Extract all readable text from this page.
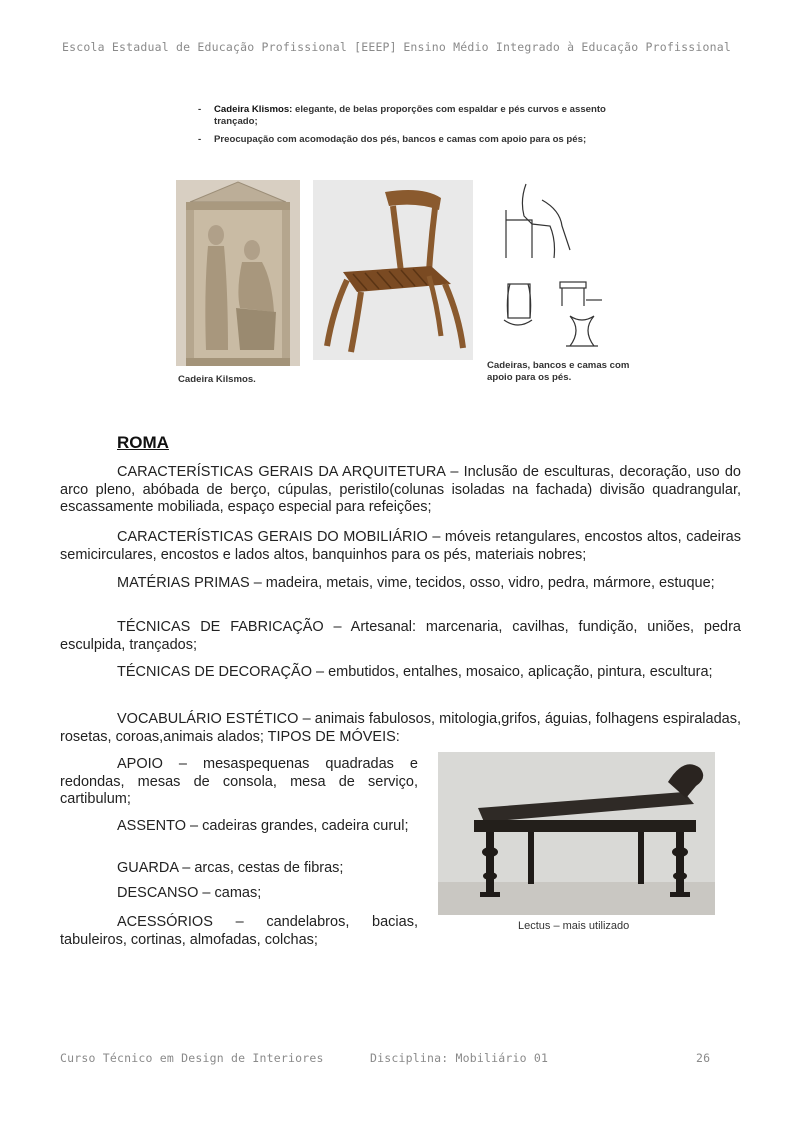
Escola Estadual de Educação Profissional [EEEP] Ensino Médio Integrado à Educação Profissional
- Cadeira Klismos: elegante, de belas proporções com espaldar e pés curvos e assento trançado;
- Preocupação com acomodação dos pés, bancos e camas com apoio para os pés;
Cadeira Kilsmos.
Cadeiras, bancos e camas com apoio para os pés.
ROMA
CARACTERÍSTICAS GERAIS DA ARQUITETURA – Inclusão de esculturas, decoração, uso do arco pleno, abóbada de berço, cúpulas, peristilo(colunas isoladas na fachada) divisão quadrangular, escassamente mobiliada, espaço especial para refeições;
CARACTERÍSTICAS GERAIS DO MOBILIÁRIO – móveis retangulares, encostos altos, cadeiras semicirculares, encostos e lados altos, banquinhos para os pés, materiais nobres;
MATÉRIAS PRIMAS – madeira, metais, vime, tecidos, osso, vidro, pedra, mármore, estuque;
TÉCNICAS DE FABRICAÇÃO – Artesanal: marcenaria, cavilhas, fundição, uniões, pedra esculpida, trançados;
TÉCNICAS DE DECORAÇÃO – embutidos, entalhes, mosaico, aplicação, pintura, escultura;
VOCABULÁRIO ESTÉTICO – animais fabulosos, mitologia,grifos, águias, folhagens espiraladas, rosetas, coroas,animais alados; TIPOS DE MÓVEIS:
APOIO – mesaspequenas quadradas e redondas, mesas de consola, mesa de serviço, cartibulum;
ASSENTO – cadeiras grandes, cadeira curul;
GUARDA – arcas, cestas de fibras;
DESCANSO – camas;
ACESSÓRIOS – candelabros, bacias, tabuleiros, cortinas, almofadas, colchas;
Lectus – mais utilizado
Curso Técnico em Design de Interiores	Disciplina: Mobiliário 01	26
